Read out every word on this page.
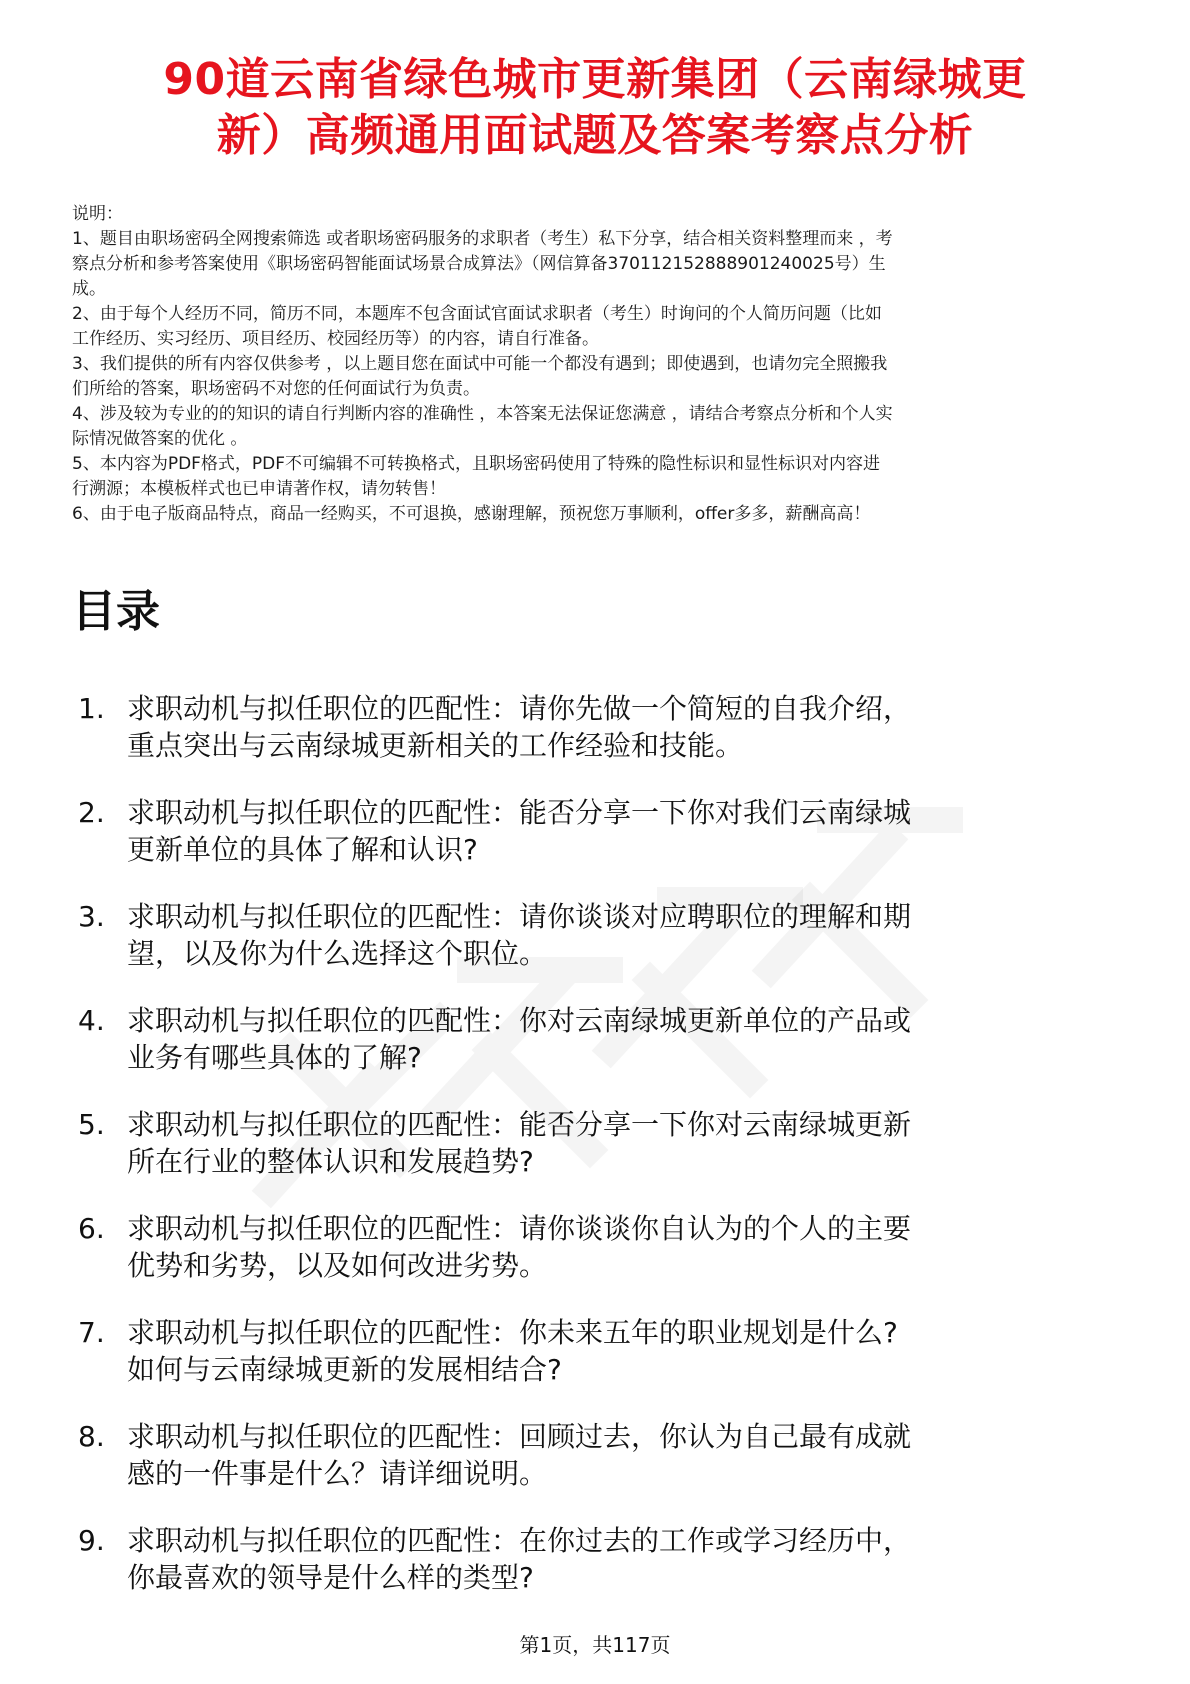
90道云南省绿色城市更新集团（云南绿城更
新）高频通用面试题及答案考察点分析
说明：
1、题目由职场密码全网搜索筛选 或者职场密码服务的求职者（考生）私下分享，结合相关资料整理而来 ，考
察点分析和参考答案使用《职场密码智能面试场景合成算法》（网信算备370112152888901240025号）生
成。
2、由于每个人经历不同，简历不同，本题库不包含面试官面试求职者（考生）时询问的个人简历问题（比如
工作经历、实习经历、项目经历、校园经历等）的内容，请自行准备。
3、我们提供的所有内容仅供参考 ，以上题目您在面试中可能一个都没有遇到；即使遇到，也请勿完全照搬我
们所给的答案，职场密码不对您的任何面试行为负责。
4、涉及较为专业的的知识的请自行判断内容的准确性 ，本答案无法保证您满意 ，请结合考察点分析和个人实
际情况做答案的优化 。
5、本内容为PDF格式，PDF不可编辑不可转换格式，且职场密码使用了特殊的隐性标识和显性标识对内容进
行溯源；本模板样式也已申请著作权，请勿转售！
6、由于电子版商品特点，商品一经购买，不可退换，感谢理解，预祝您万事顺利，offer多多，薪酬高高！
目录
1. 求职动机与拟任职位的匹配性：请你先做一个简短的自我介绍，
重点突出与云南绿城更新相关的工作经验和技能。
2. 求职动机与拟任职位的匹配性：能否分享一下你对我们云南绿城
更新单位的具体了解和认识?
3. 求职动机与拟任职位的匹配性：请你谈谈对应聘职位的理解和期
望，以及你为什么选择这个职位。
4. 求职动机与拟任职位的匹配性：你对云南绿城更新单位的产品或
业务有哪些具体的了解?
5. 求职动机与拟任职位的匹配性：能否分享一下你对云南绿城更新
所在行业的整体认识和发展趋势?
6. 求职动机与拟任职位的匹配性：请你谈谈你自认为的个人的主要
优势和劣势，以及如何改进劣势。
7. 求职动机与拟任职位的匹配性：你未来五年的职业规划是什么?
如何与云南绿城更新的发展相结合?
8. 求职动机与拟任职位的匹配性：回顾过去，你认为自己最有成就
感的一件事是什么？请详细说明。
9. 求职动机与拟任职位的匹配性：在你过去的工作或学习经历中，
你最喜欢的领导是什么样的类型?
第1页，共117页
